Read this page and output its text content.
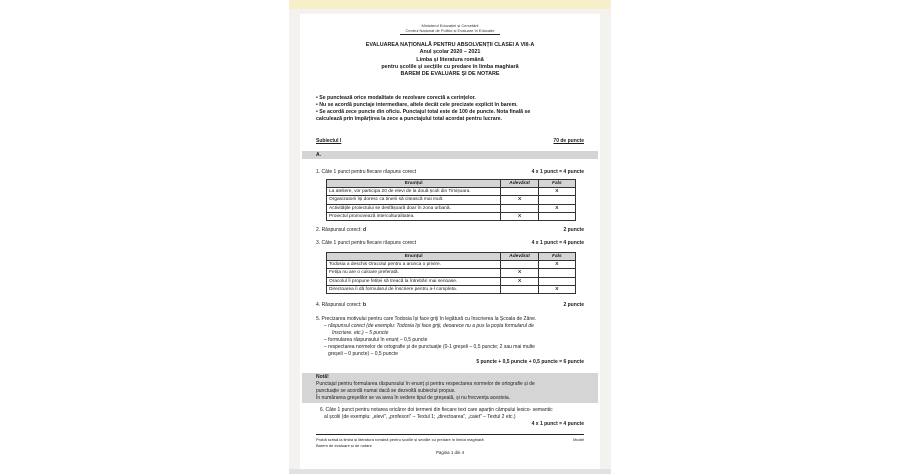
Ministerul Educației și Cercetării
Centrul Național de Politici și Evaluare în Educație
EVALUAREA NAȚIONALĂ PENTRU ABSOLVENȚII CLASEI A VIII-A
Anul școlar 2020 – 2021
Limba și literatura română
pentru școlile și secțiile cu predare în limba maghiară
BAREM DE EVALUARE ȘI DE NOTARE
• Se punctează orice modalitate de rezolvare corectă a cerințelor.
• Nu se acordă punctaje intermediare, altele decât cele precizate explicit în barem.
• Se acordă zece puncte din oficiu. Punctajul total este de 100 de puncte. Nota finală se
calculează prin împărțirea la zece a punctajului total acordat pentru lucrare.
Subiectul I	70 de puncte
A.
1. Câte 1 punct pentru fiecare răspuns corect	4 x 1 punct = 4 puncte
Enunțul	Adevărat	Fals
La ateliere, vor participa 20 de elevi de la două școli din Timișoara.		X
Organizatorii își doresc ca tinerii să citească mai mult.	X	
Activitățile proiectului se desfășoară doar în zona urbană.		X
Proiectul promovează interculturalitatea.	X	
2. Răspunsul corect: d	2 puncte
3. Câte 1 punct pentru fiecare răspuns corect	4 x 1 punct = 4 puncte
Enunțul	Adevărat	Fals
Todosia a deschis Oracolul pentru a arunca o privire.		X
Fetița nu are o culoare preferată.	X	
Oracolul îi propune fetiței să treacă la întrebări mai serioase.	X	
Directoarea îi dă formularul de înscriere pentru a-l completa.		X
4. Răspunsul corect: b	2 puncte
5. Precizarea motivului pentru care Todosia își face griji în legătură cu înscrierea la Școala de Zâne.
– răspunsul corect (de exemplu: Todosia își face griji, deoarece nu a pus la poșta formularul de
înscriere. etc.) – 5 puncte
– formularea răspunsului în enunț – 0,5 puncte
– respectarea normelor de ortografie și de punctuație (0-1 greșeli – 0,5 puncte; 2 sau mai multe
greșeli – 0 puncte) – 0,5 puncte
5 puncte + 0,5 puncte + 0,5 puncte = 6 puncte
Notă!
Punctajul pentru formularea răspunsului în enunț și pentru respectarea normelor de ortografie și de
punctuație se acordă numai dacă se dezvoltă subiectul propus.
În numărarea greșelilor se va avea în vedere tipul de greșeală, și nu frecvența acesteia.
6. Câte 1 punct pentru notarea oricăror doi termeni din fiecare text care aparțin câmpului lexico- semantic
al școlii (de exemplu: „elevi”, „profesori” – Textul 1; „directoarea”, „caiet” – Textul 2 etc.)
4 x 1 punct = 4 puncte
Probă scrisă la limba și literatura română pentru școlile și secțiile cu predare în limba maghiară	Model
Barem de evaluare și de notare
Pagina 1 din 4
